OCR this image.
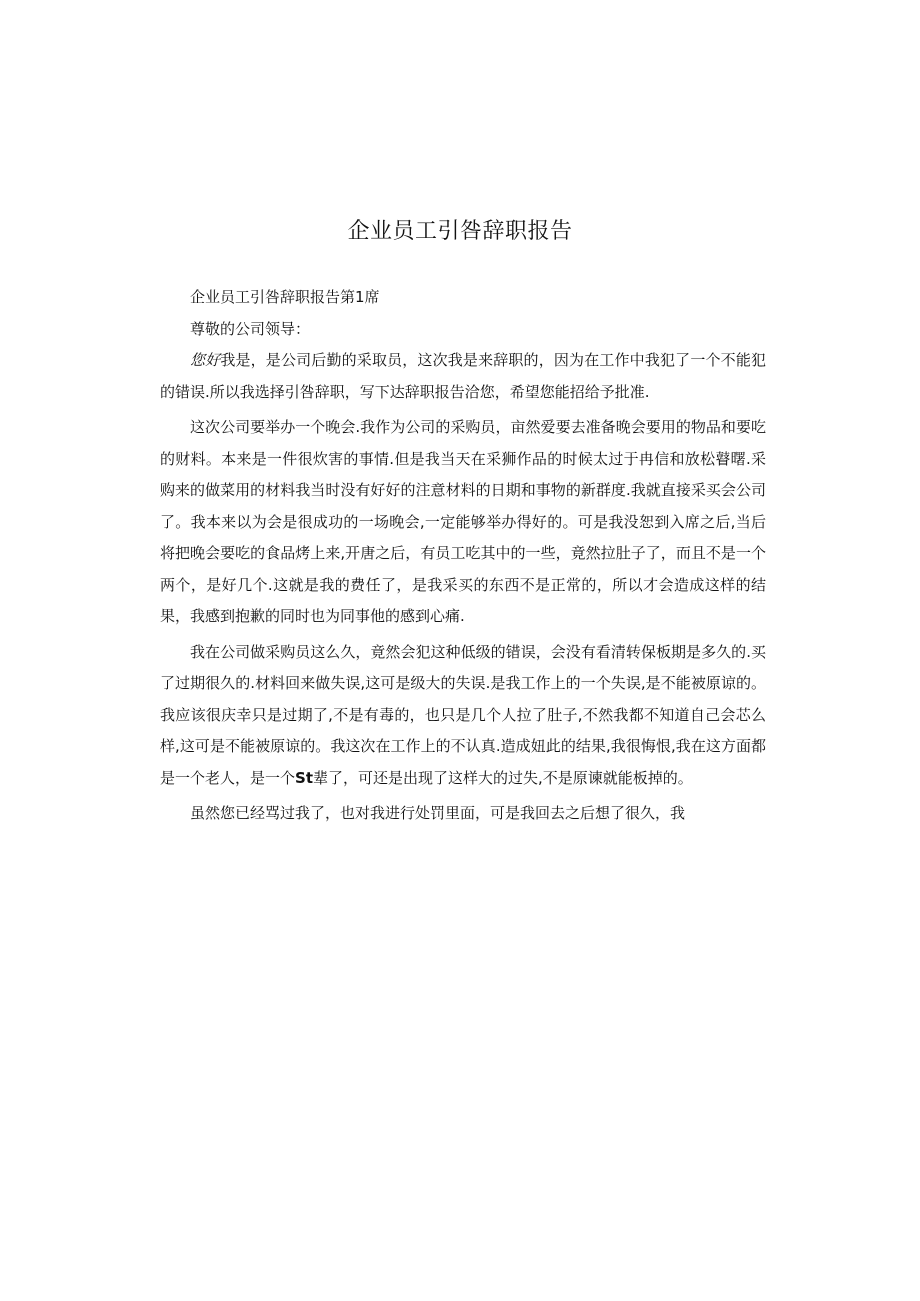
企业员工引咎辞职报告

企业员工引咎辞职报告第1席

尊敬的公司领导：

您好我是，是公司后勤的采取员，这次我是来辞职的，因为在工作中我犯了一个不能犯的错误.所以我选择引咎辞职，写下达辞职报告洽您，希望您能招给予批准.

这次公司要举办一个晚会.我作为公司的采购员，亩然爱要去准备晚会要用的物品和要吃的财料。本来是一件很炊害的事情.但是我当天在采狮作品的时候太过于冉信和放松瞽曙.采购来的做菜用的材料我当时没有好好的注意材料的日期和事物的新群度.我就直接采买会公司了。我本来以为会是很成功的一场晚会,一定能够举办得好的。可是我没恕到入席之后,当后将把晚会要吃的食品烤上来,开唐之后，有员工吃其中的一些，竟然拉肚子了，而且不是一个两个，是好几个.这就是我的费任了，是我采买的东西不是正常的，所以才会造成这样的结果，我感到抱歉的同时也为同事他的感到心痛.

我在公司做采购员这么久，竟然会犯这种低级的错误，会没有看清转保板期是多久的.买了过期很久的.材料回来做失误,这可是级大的失误.是我工作上的一个失误,是不能被原谅的。我应该很庆幸只是过期了,不是有毒的，也只是几个人拉了肚子,不然我都不知道自己会芯么样,这可是不能被原谅的。我这次在工作上的不认真.造成妞此的结果,我很悔恨,我在这方面都是一个老人，是一个St辈了，可还是出现了这样大的过失,不是原谏就能板掉的。

虽然您已经骂过我了，也对我进行处罚里面，可是我回去之后想了很久，我
